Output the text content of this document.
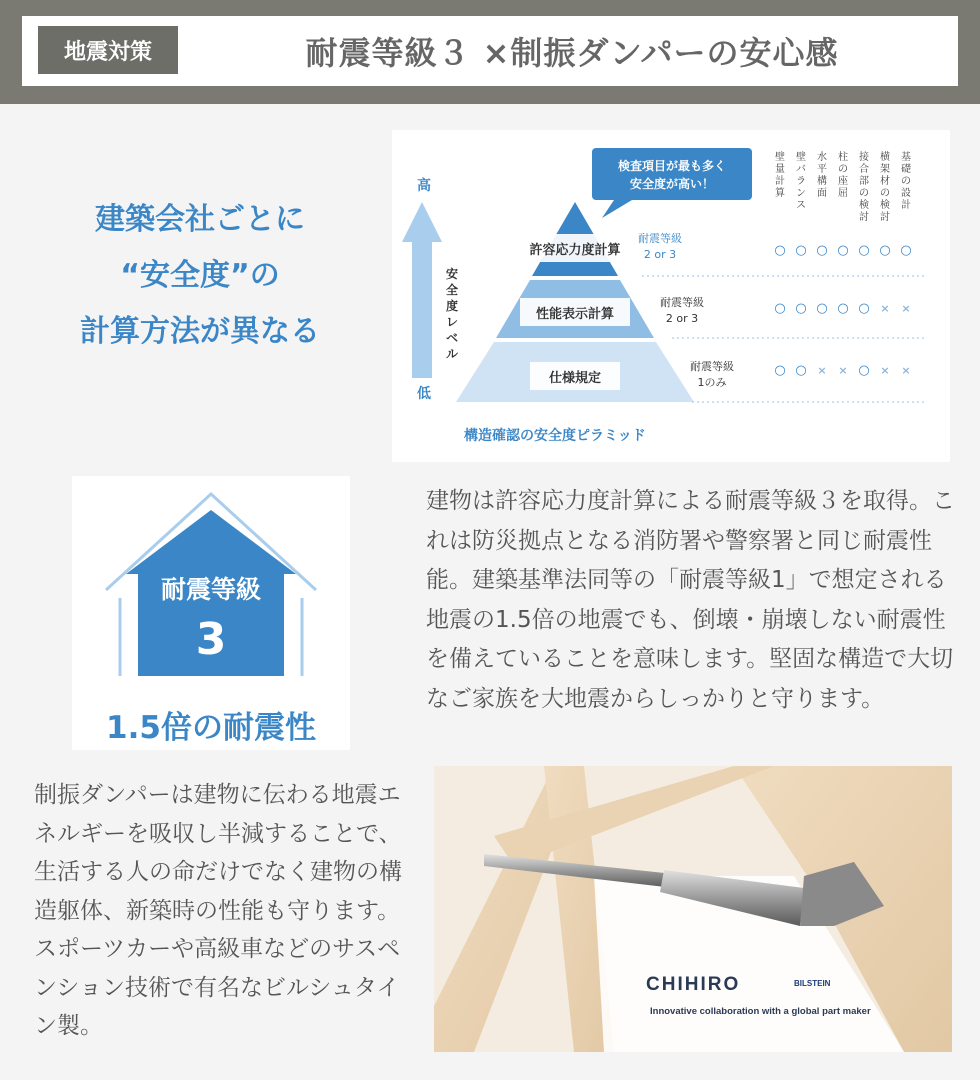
地震対策	耐震等級３ ×制振ダンパーの安心感
建築会社ごとに
“安全度”の
計算方法が異なる
高
低
安
全
度
レ
ベ
ル
検査項目が最も多く
安全度が高い！
許容応力度計算
性能表示計算
仕様規定
耐震等級
2 or 3
耐震等級
2 or 3
耐震等級
1のみ
壁
量
計
算
壁
バ
ラ
ン
ス
水
平
構
面
柱
の
座
屈
接
合
部
の
検
討
横
架
材
の
検
討
基
礎
の
設
計
○ ○ ○ ○ ○ ○ ○
○ ○ ○ ○ ○ × ×
○ ○ × × ○ × ×
構造確認の安全度ピラミッド
耐震等級
3
1.5倍の耐震性
建物は許容応力度計算による耐震等級３を取得。これは防災拠点となる消防署や警察署と同じ耐震性能。建築基準法同等の「耐震等級1」で想定される地震の1.5倍の地震でも、倒壊・崩壊しない耐震性を備えていることを意味します。堅固な構造で大切なご家族を大地震からしっかりと守ります。
制振ダンパーは建物に伝わる地震エネルギーを吸収し半減することで、生活する人の命だけでなく建物の構造躯体、新築時の性能も守ります。スポーツカーや高級車などのサスペンション技術で有名なビルシュタイン製。
CHIHIRO	BILSTEIN
Innovative collaboration with a global part maker
